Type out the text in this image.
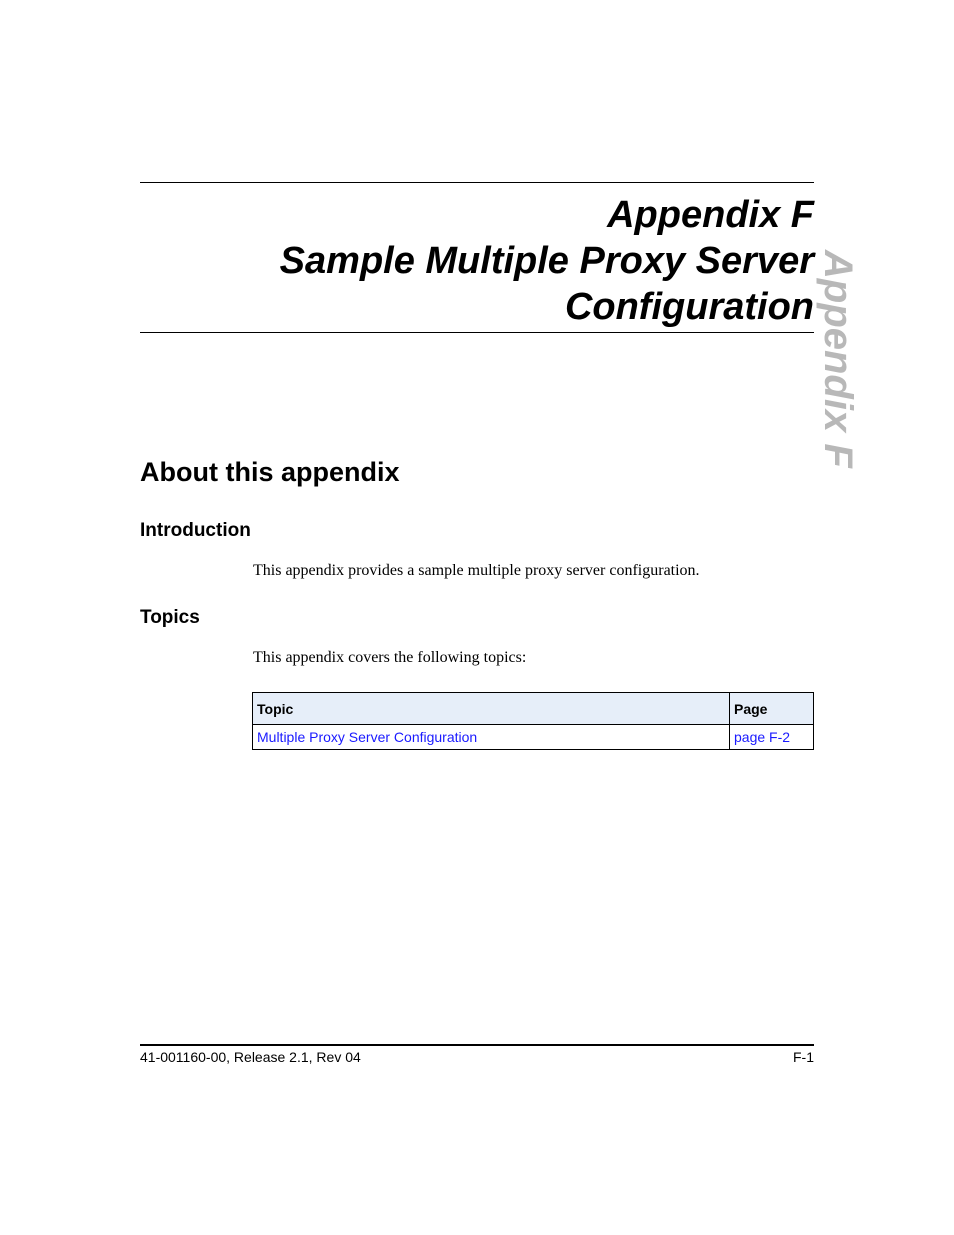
Appendix F
Sample Multiple Proxy Server
Configuration Appendix F
About this appendix
Introduction

This appendix provides a sample multiple proxy server configuration.

Topics

This appendix covers the following topics:

Topic	Page
Multiple Proxy Server Configuration	page F-2
41-001160-00, Release 2.1, Rev 04	F-1
